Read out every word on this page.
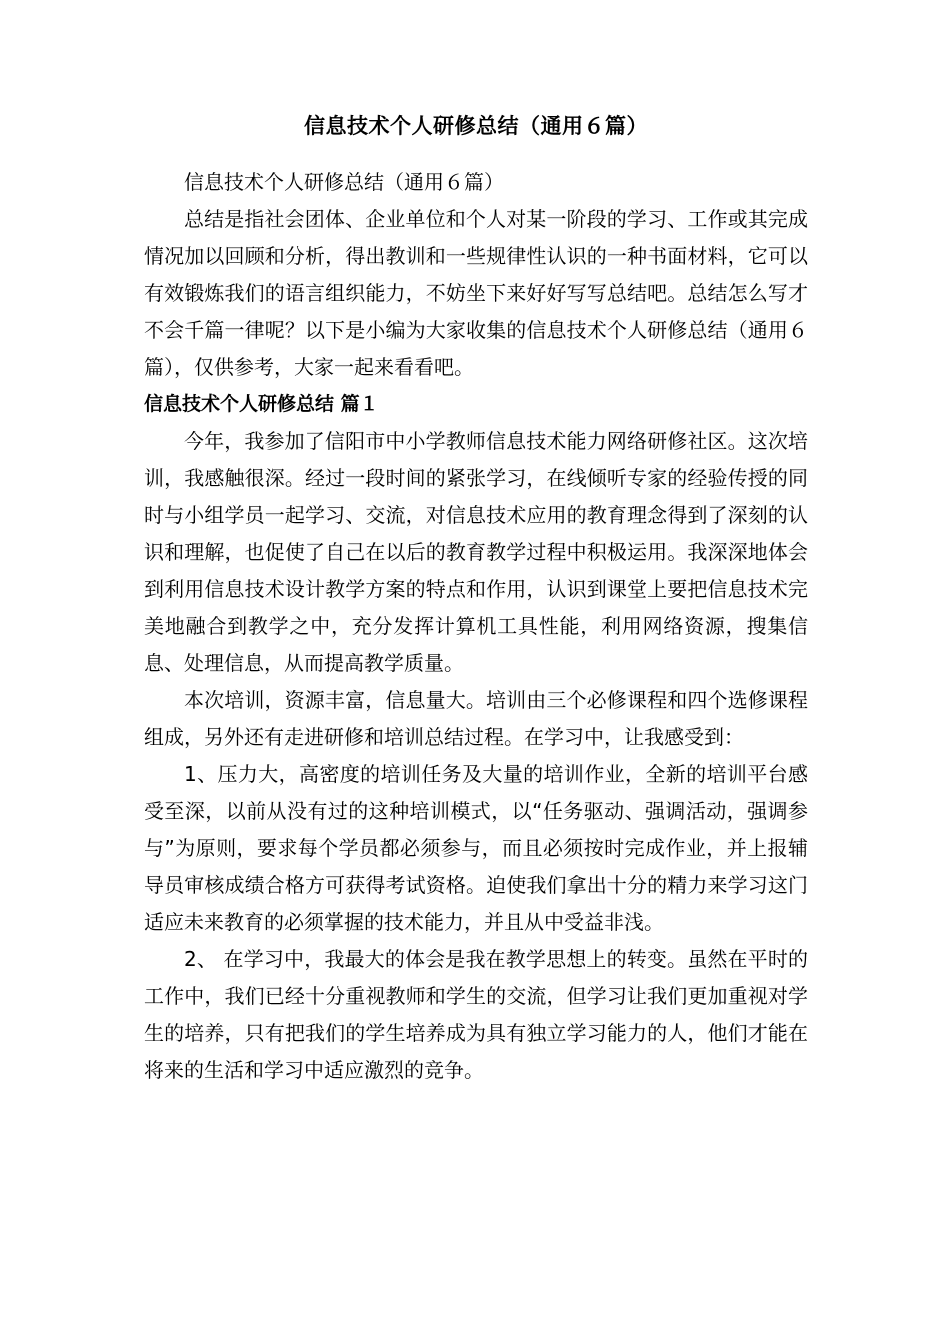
信息技术个人研修总结（通用６篇）

信息技术个人研修总结（通用６篇）

总结是指社会团体、企业单位和个人对某一阶段的学习、工作或其完成情况加以回顾和分析，得出教训和一些规律性认识的一种书面材料，它可以有效锻炼我们的语言组织能力，不妨坐下来好好写写总结吧。总结怎么写才不会千篇一律呢？以下是小编为大家收集的信息技术个人研修总结（通用６篇），仅供参考，大家一起来看看吧。

信息技术个人研修总结 篇１

今年，我参加了信阳市中小学教师信息技术能力网络研修社区。这次培训，我感触很深。经过一段时间的紧张学习，在线倾听专家的经验传授的同时与小组学员一起学习、交流，对信息技术应用的教育理念得到了深刻的认识和理解，也促使了自己在以后的教育教学过程中积极运用。我深深地体会到利用信息技术设计教学方案的特点和作用，认识到课堂上要把信息技术完美地融合到教学之中，充分发挥计算机工具性能，利用网络资源，搜集信息、处理信息，从而提高教学质量。

本次培训，资源丰富，信息量大。培训由三个必修课程和四个选修课程组成，另外还有走进研修和培训总结过程。在学习中，让我感受到：

1、压力大，高密度的培训任务及大量的培训作业，全新的培训平台感受至深，以前从没有过的这种培训模式，以“任务驱动、强调活动，强调参与”为原则，要求每个学员都必须参与，而且必须按时完成作业，并上报辅导员审核成绩合格方可获得考试资格。迫使我们拿出十分的精力来学习这门适应未来教育的必须掌握的技术能力，并且从中受益非浅。

2、 在学习中，我最大的体会是我在教学思想上的转变。虽然在平时的工作中，我们已经十分重视教师和学生的交流，但学习让我们更加重视对学生的培养，只有把我们的学生培养成为具有独立学习能力的人，他们才能在将来的生活和学习中适应激烈的竞争。
